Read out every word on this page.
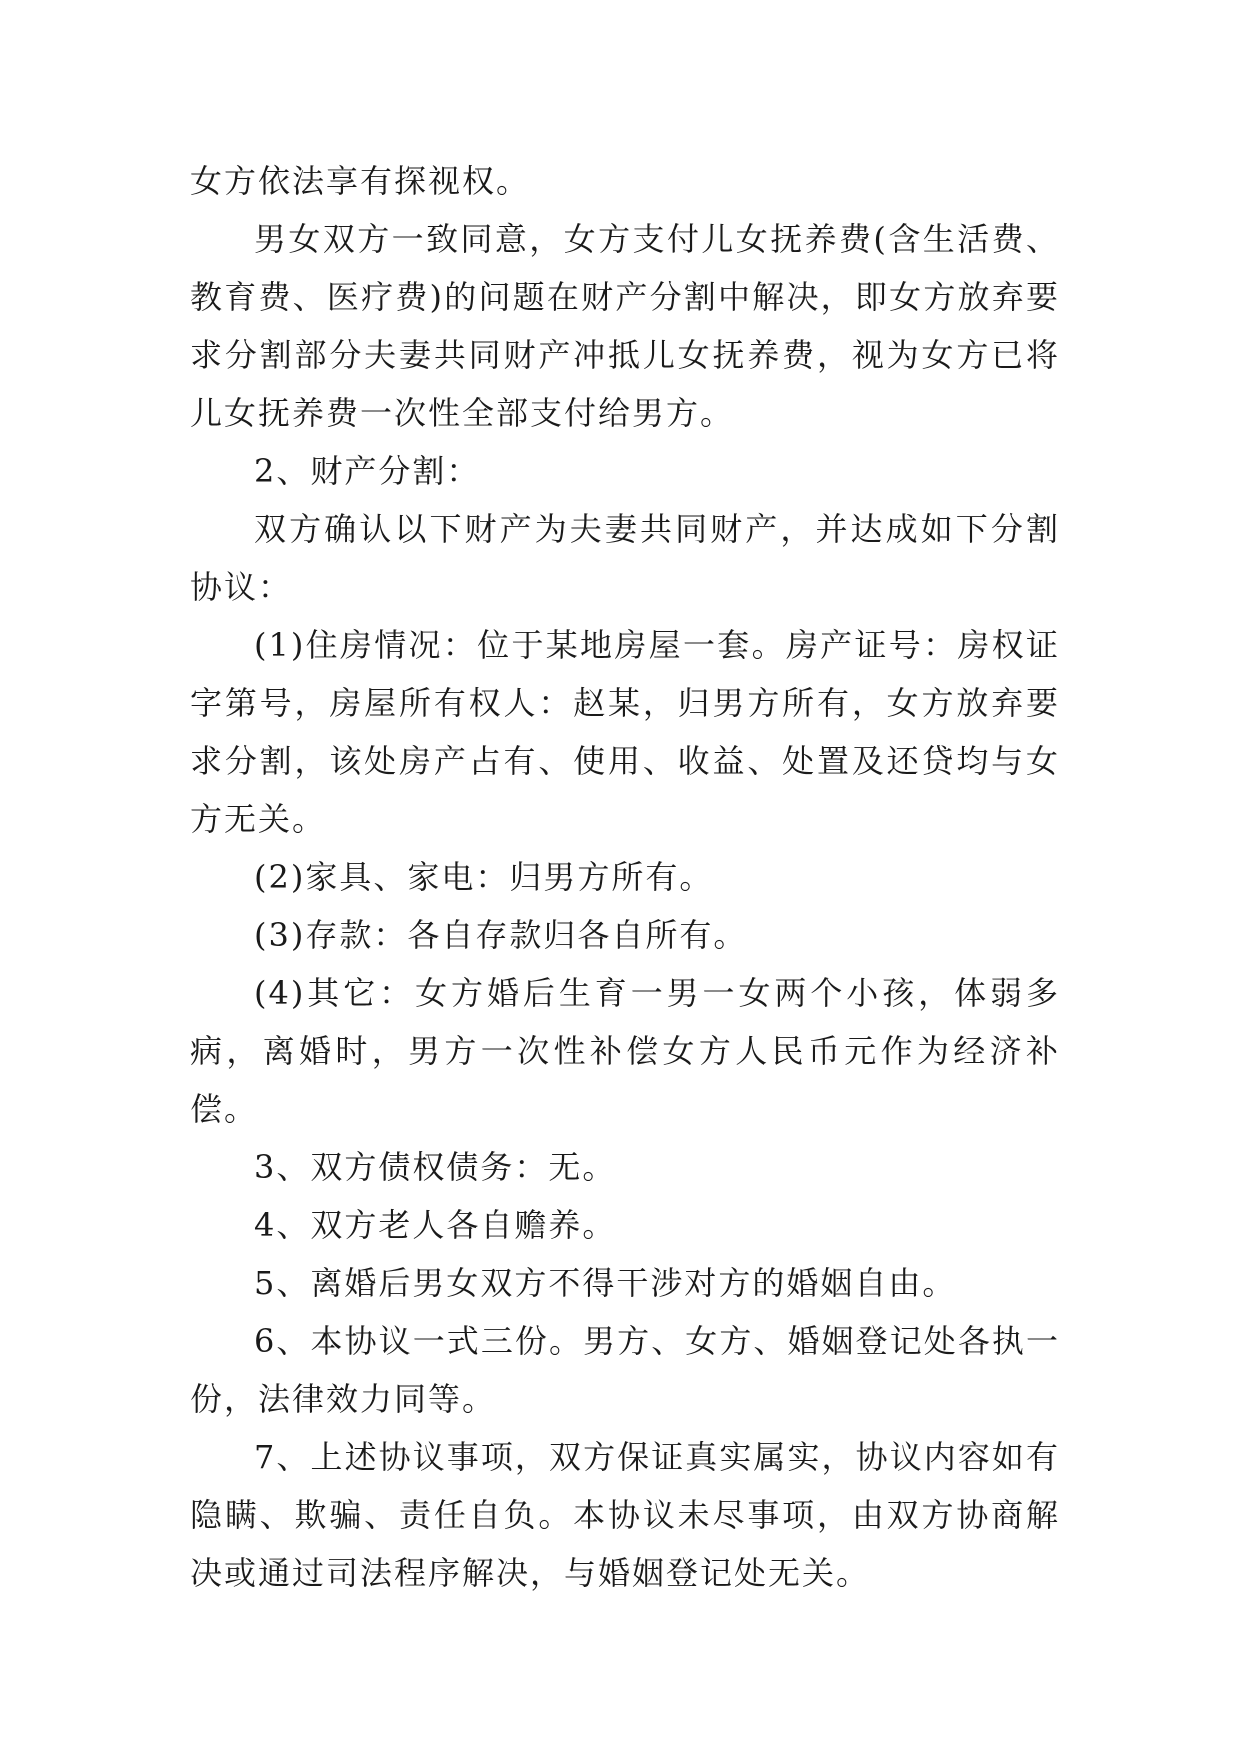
女方依法享有探视权。

男女双方一致同意，女方支付儿女抚养费(含生活费、教育费、医疗费)的问题在财产分割中解决，即女方放弃要求分割部分夫妻共同财产冲抵儿女抚养费，视为女方已将儿女抚养费一次性全部支付给男方。

2、财产分割：

双方确认以下财产为夫妻共同财产，并达成如下分割协议：

(1)住房情况：位于某地房屋一套。房产证号：房权证字第号，房屋所有权人：赵某，归男方所有，女方放弃要求分割，该处房产占有、使用、收益、处置及还贷均与女方无关。

(2)家具、家电：归男方所有。

(3)存款：各自存款归各自所有。

(4)其它：女方婚后生育一男一女两个小孩，体弱多病，离婚时，男方一次性补偿女方人民币元作为经济补偿。

3、双方债权债务：无。

4、双方老人各自赡养。

5、离婚后男女双方不得干涉对方的婚姻自由。

6、本协议一式三份。男方、女方、婚姻登记处各执一份，法律效力同等。

7、上述协议事项，双方保证真实属实，协议内容如有隐瞒、欺骗、责任自负。本协议未尽事项，由双方协商解决或通过司法程序解决，与婚姻登记处无关。
